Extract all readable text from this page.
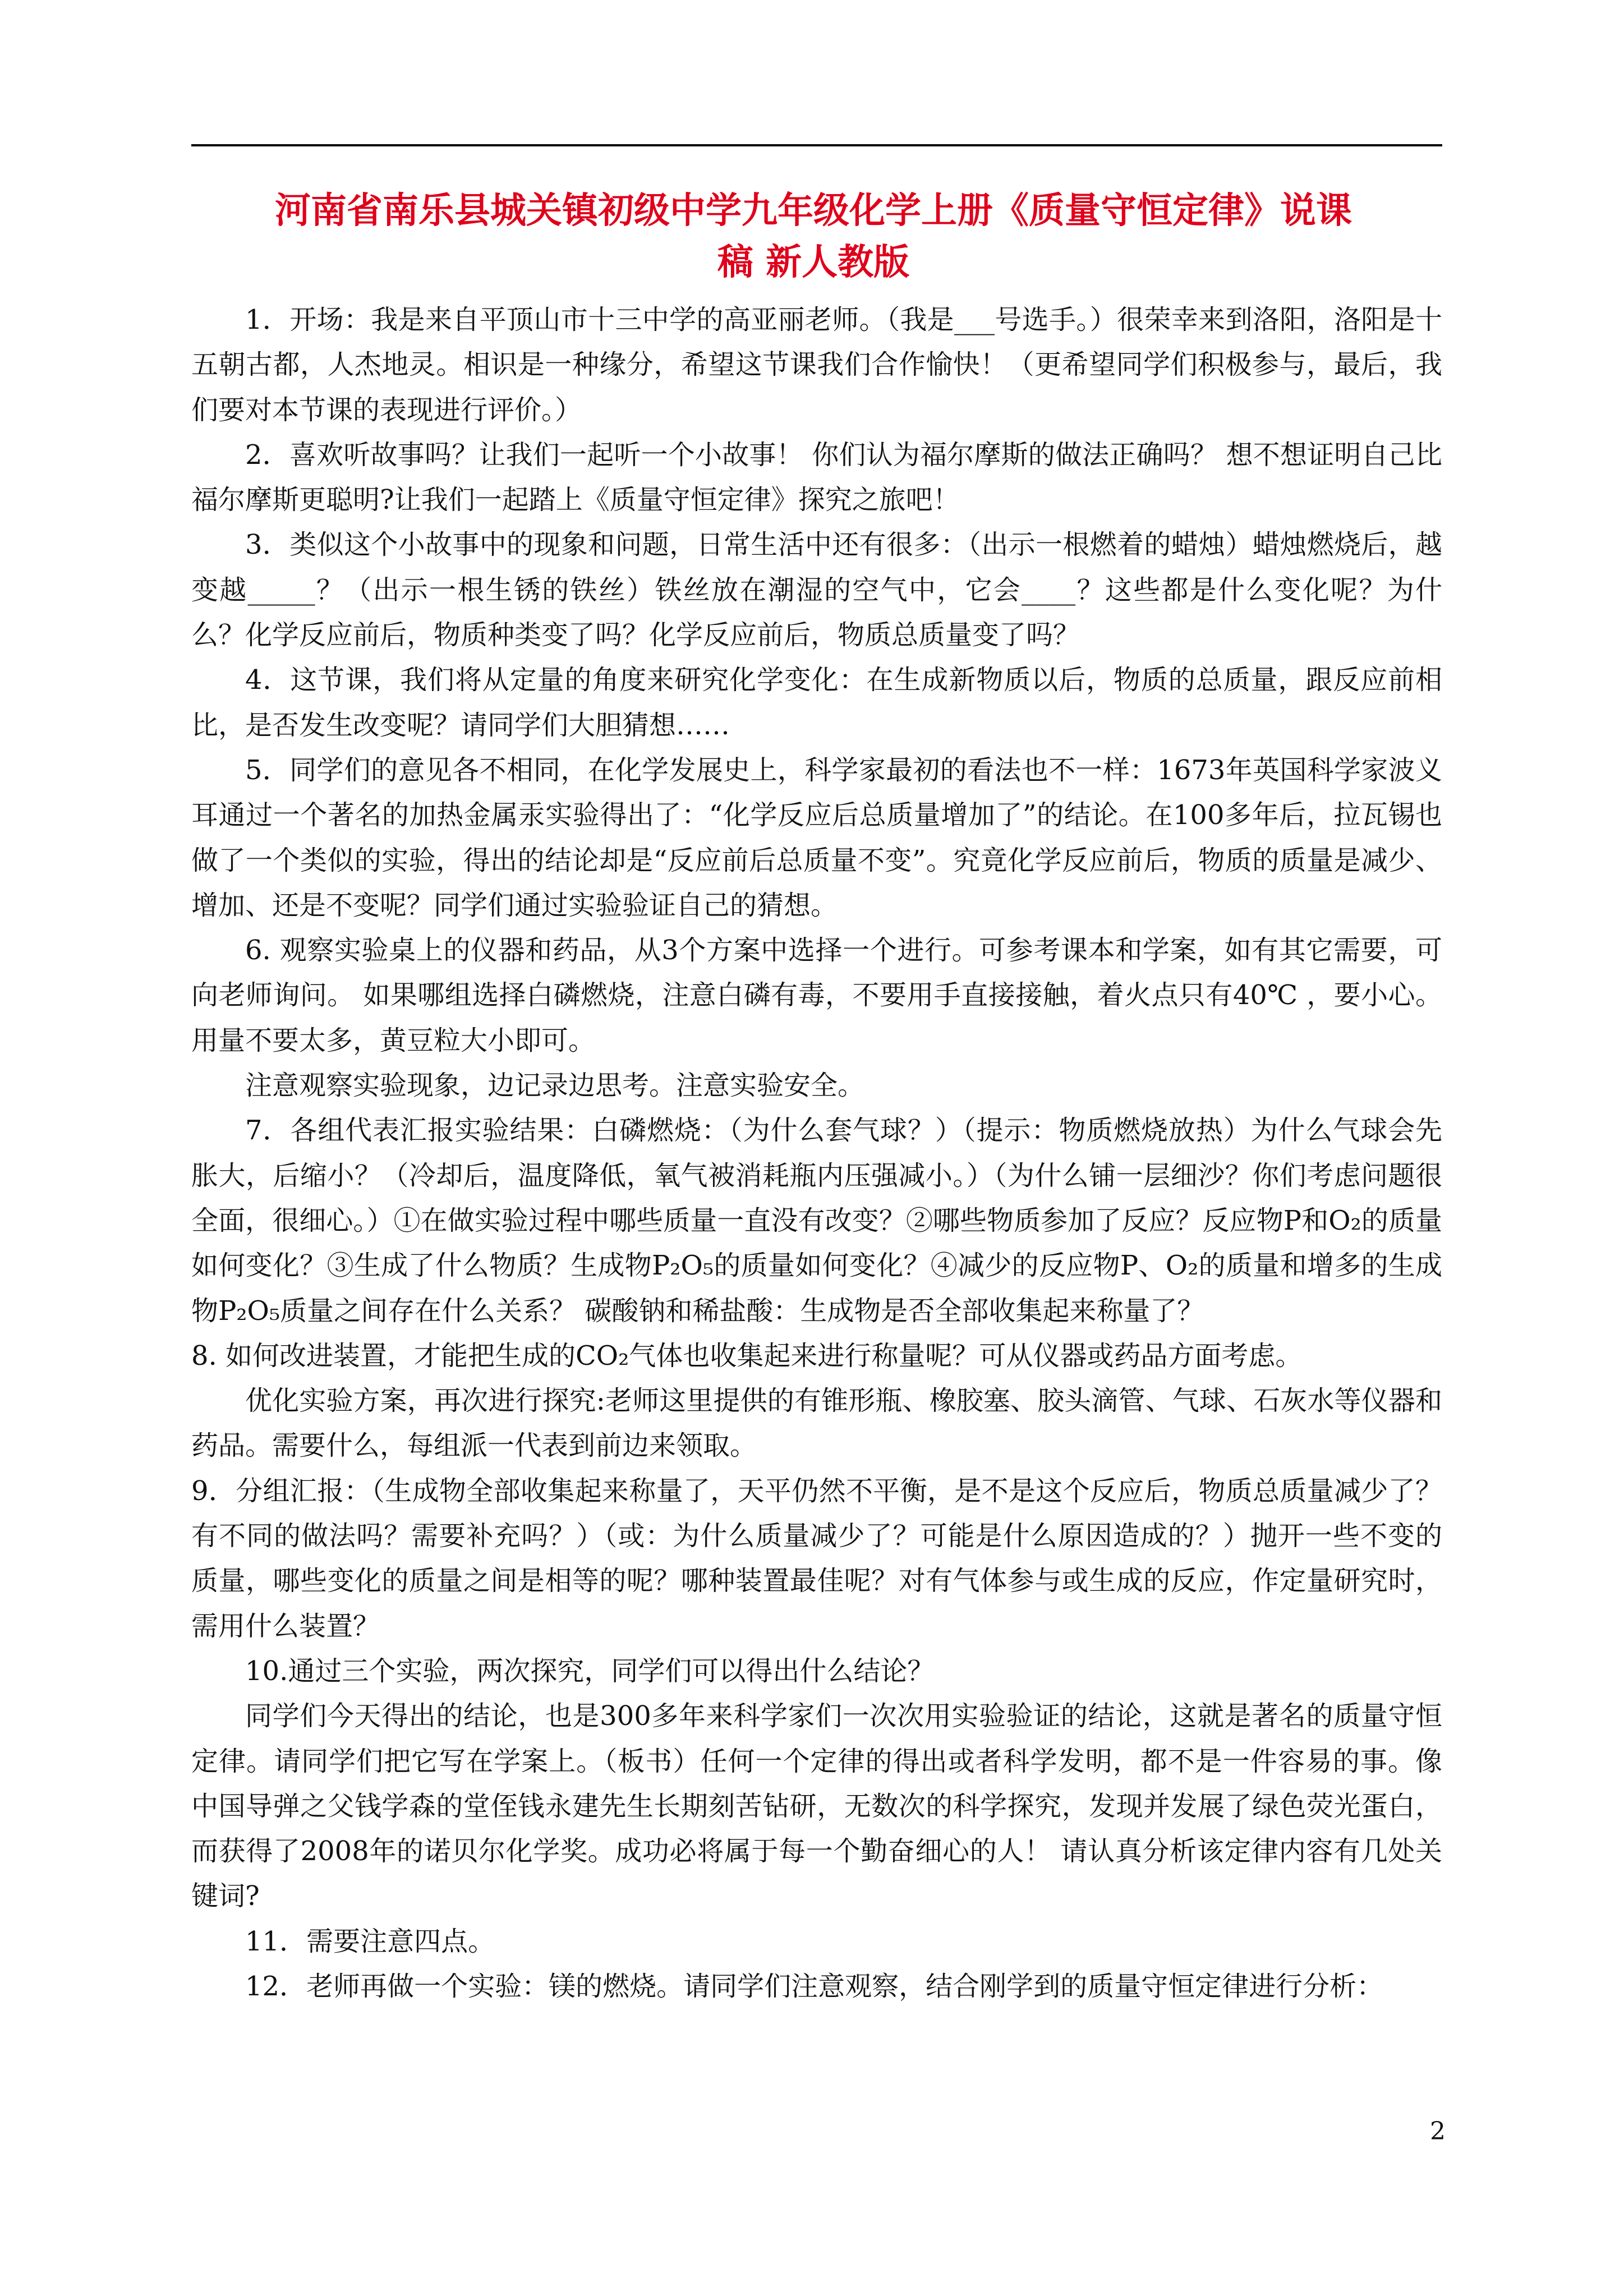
河南省南乐县城关镇初级中学九年级化学上册《质量守恒定律》说课
稿 新人教版

1．开场：我是来自平顶山市十三中学的高亚丽老师。（我是___号选手。）很荣幸来到洛阳，洛阳是十五朝古都，人杰地灵。相识是一种缘分，希望这节课我们合作愉快！（更希望同学们积极参与，最后，我们要对本节课的表现进行评价。）

2．喜欢听故事吗？让我们一起听一个小故事！ 你们认为福尔摩斯的做法正确吗？ 想不想证明自己比福尔摩斯更聪明?让我们一起踏上《质量守恒定律》探究之旅吧！

3．类似这个小故事中的现象和问题，日常生活中还有很多：（出示一根燃着的蜡烛）蜡烛燃烧后，越变越_____？（出示一根生锈的铁丝）铁丝放在潮湿的空气中，它会____？这些都是什么变化呢？为什么？化学反应前后，物质种类变了吗？化学反应前后，物质总质量变了吗？

4．这节课，我们将从定量的角度来研究化学变化：在生成新物质以后，物质的总质量，跟反应前相比，是否发生改变呢？请同学们大胆猜想……

5．同学们的意见各不相同，在化学发展史上，科学家最初的看法也不一样：1673年英国科学家波义耳通过一个著名的加热金属汞实验得出了：“化学反应后总质量增加了”的结论。在100多年后，拉瓦锡也做了一个类似的实验，得出的结论却是“反应前后总质量不变”。究竟化学反应前后，物质的质量是减少、增加、还是不变呢？同学们通过实验验证自己的猜想。

6. 观察实验桌上的仪器和药品，从3个方案中选择一个进行。可参考课本和学案，如有其它需要，可向老师询问。 如果哪组选择白磷燃烧，注意白磷有毒，不要用手直接接触，着火点只有40℃ ，要小心。用量不要太多，黄豆粒大小即可。

注意观察实验现象，边记录边思考。注意实验安全。

7．各组代表汇报实验结果：白磷燃烧：（为什么套气球？）（提示：物质燃烧放热）为什么气球会先胀大，后缩小？（冷却后，温度降低，氧气被消耗瓶内压强减小。）（为什么铺一层细沙？你们考虑问题很全面，很细心。）①在做实验过程中哪些质量一直没有改变？②哪些物质参加了反应？反应物P和O₂的质量如何变化？③生成了什么物质？生成物P₂O₅的质量如何变化？④减少的反应物P、O₂的质量和增多的生成物P₂O₅质量之间存在什么关系？ 碳酸钠和稀盐酸：生成物是否全部收集起来称量了？

8. 如何改进装置，才能把生成的CO₂气体也收集起来进行称量呢？可从仪器或药品方面考虑。

优化实验方案，再次进行探究:老师这里提供的有锥形瓶、橡胶塞、胶头滴管、气球、石灰水等仪器和药品。需要什么，每组派一代表到前边来领取。

9．分组汇报：（生成物全部收集起来称量了，天平仍然不平衡，是不是这个反应后，物质总质量减少了？有不同的做法吗？需要补充吗？）（或：为什么质量减少了？可能是什么原因造成的？）抛开一些不变的质量，哪些变化的质量之间是相等的呢？哪种装置最佳呢？对有气体参与或生成的反应，作定量研究时，需用什么装置？

10.通过三个实验，两次探究，同学们可以得出什么结论？

同学们今天得出的结论，也是300多年来科学家们一次次用实验验证的结论，这就是著名的质量守恒定律。请同学们把它写在学案上。（板书）任何一个定律的得出或者科学发明，都不是一件容易的事。像中国导弹之父钱学森的堂侄钱永建先生长期刻苦钻研，无数次的科学探究，发现并发展了绿色荧光蛋白，而获得了2008年的诺贝尔化学奖。成功必将属于每一个勤奋细心的人！ 请认真分析该定律内容有几处关键词?

11．需要注意四点。

12．老师再做一个实验：镁的燃烧。请同学们注意观察，结合刚学到的质量守恒定律进行分析：

2
